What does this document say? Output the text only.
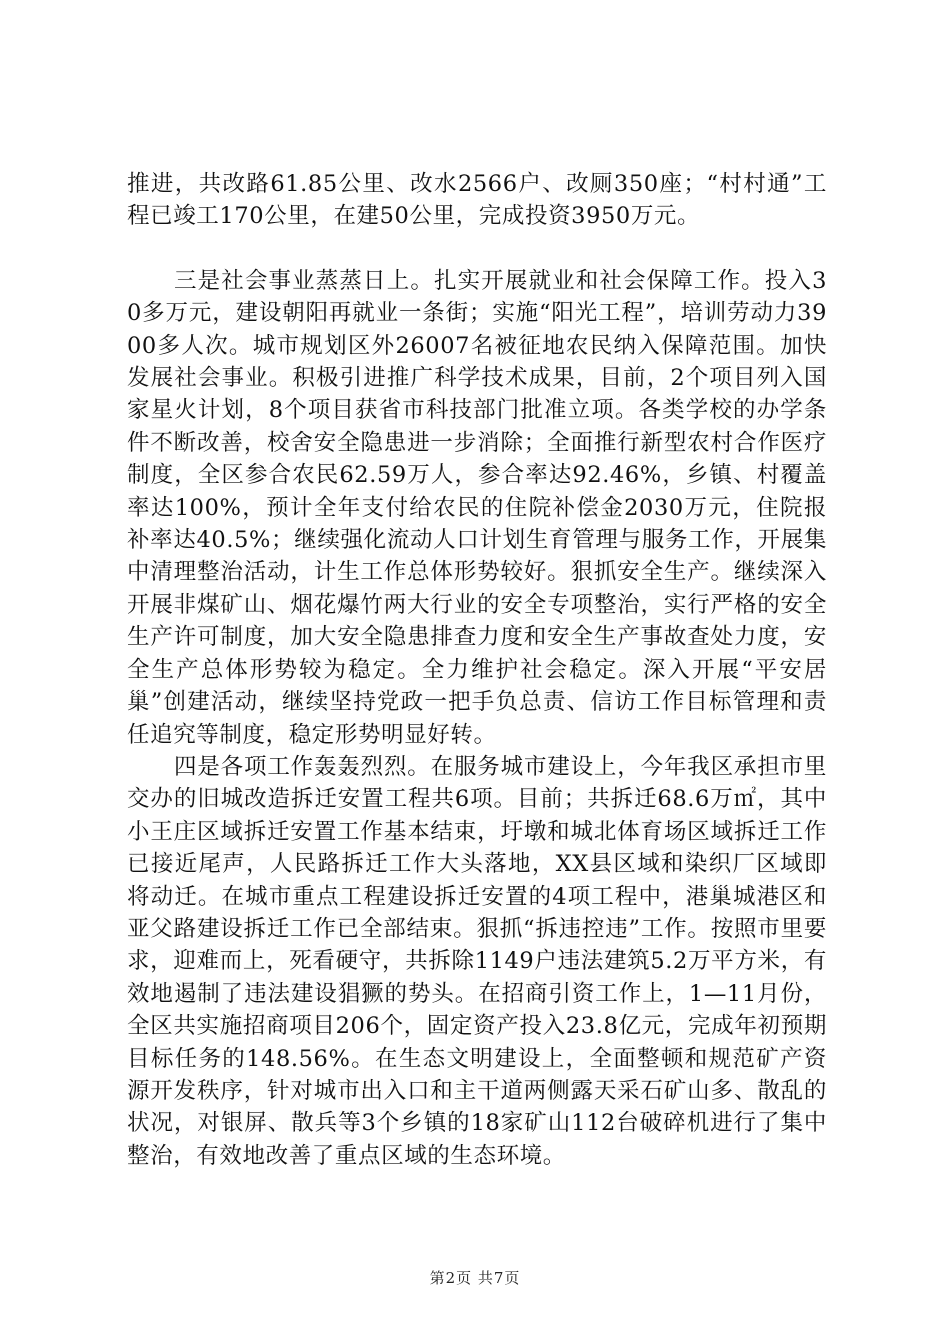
推进，共改路61.85公里、改水2566户、改厕350座；“村村通”工程已竣工170公里，在建50公里，完成投资3950万元。

三是社会事业蒸蒸日上。扎实开展就业和社会保障工作。投入30多万元，建设朝阳再就业一条街；实施“阳光工程”，培训劳动力3900多人次。城市规划区外26007名被征地农民纳入保障范围。加快发展社会事业。积极引进推广科学技术成果，目前，2个项目列入国家星火计划，8个项目获省市科技部门批准立项。各类学校的办学条件不断改善，校舍安全隐患进一步消除；全面推行新型农村合作医疗制度，全区参合农民62.59万人，参合率达92.46%，乡镇、村覆盖率达100%，预计全年支付给农民的住院补偿金2030万元，住院报补率达40.5%；继续强化流动人口计划生育管理与服务工作，开展集中清理整治活动，计生工作总体形势较好。狠抓安全生产。继续深入开展非煤矿山、烟花爆竹两大行业的安全专项整治，实行严格的安全生产许可制度，加大安全隐患排查力度和安全生产事故查处力度，安全生产总体形势较为稳定。全力维护社会稳定。深入开展“平安居巢”创建活动，继续坚持党政一把手负总责、信访工作目标管理和责任追究等制度，稳定形势明显好转。

四是各项工作轰轰烈烈。在服务城市建设上，今年我区承担市里交办的旧城改造拆迁安置工程共6项。目前；共拆迁68.6万㎡，其中小王庄区域拆迁安置工作基本结束，圩墩和城北体育场区域拆迁工作已接近尾声，人民路拆迁工作大头落地，XX县区域和染织厂区域即将动迁。在城市重点工程建设拆迁安置的4项工程中，港巢城港区和亚父路建设拆迁工作已全部结束。狠抓“拆违控违”工作。按照市里要求，迎难而上，死看硬守，共拆除1149户违法建筑5.2万平方米，有效地遏制了违法建设猖獗的势头。在招商引资工作上，1—11月份，全区共实施招商项目206个，固定资产投入23.8亿元，完成年初预期目标任务的148.56%。在生态文明建设上，全面整顿和规范矿产资源开发秩序，针对城市出入口和主干道两侧露天采石矿山多、散乱的状况，对银屏、散兵等3个乡镇的18家矿山112台破碎机进行了集中整治，有效地改善了重点区域的生态环境。

第2页 共7页
